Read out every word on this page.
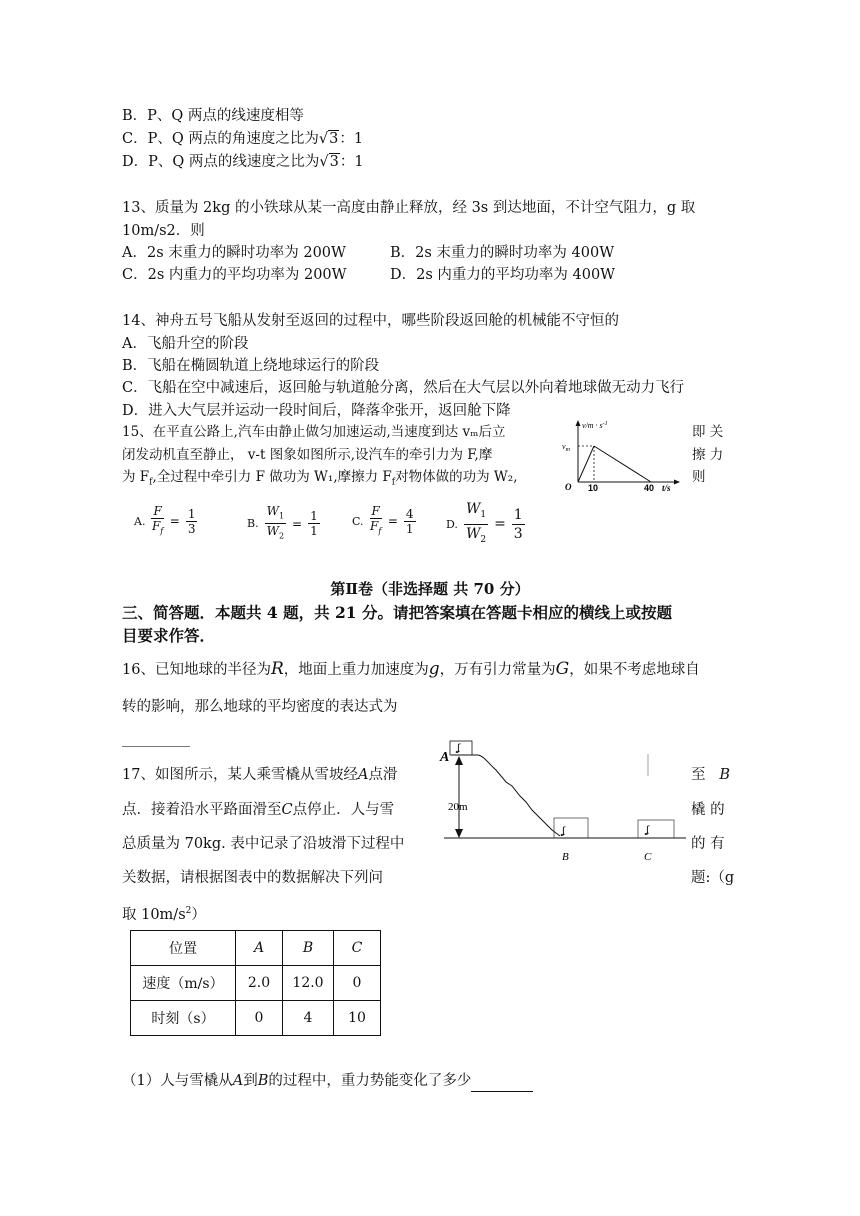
B．P、Q 两点的线速度相等
C．P、Q 两点的角速度之比为√3：1
D．P、Q 两点的线速度之比为√3：1
13、质量为 2kg 的小铁球从某一高度由静止释放，经 3s 到达地面，不计空气阻力，g 取
10m/s2．则
A．2s 末重力的瞬时功率为 200W	B．2s 末重力的瞬时功率为 400W
C．2s 内重力的平均功率为 200W	D．2s 内重力的平均功率为 400W
14、神舟五号飞船从发射至返回的过程中，哪些阶段返回舱的机械能不守恒的
A．飞船升空的阶段
B．飞船在椭圆轨道上绕地球运行的阶段
C．飞船在空中减速后，返回舱与轨道舱分离，然后在大气层以外向着地球做无动力飞行
D．进入大气层并运动一段时间后，降落伞张开，返回舱下降
15、在平直公路上,汽车由静止做匀加速运动,当速度到达 vₘ后立	即 关
闭发动机直至静止， v-t 图象如图所示,设汽车的牵引力为 F,摩	擦 力
为 $F_f$,全过程中牵引力 F 做功为 W₁,摩擦力 $F_f$对物体做的功为 W₂,	则
$v/m \cdot s^{-1}$
$v_m$
O 10	40 t/s
A. $\frac{F}{F_f} = \frac{1}{3}$	B. $\frac{W_1}{W_2} = \frac{1}{1}$	C. $\frac{F}{F_f} = \frac{4}{1}$	D. $\frac{W_1}{W_2} = \frac{1}{3}$
第Ⅱ卷（非选择题 共 70 分）
三、简答题．本题共 4 题，共 21 分。请把答案填在答题卡相应的横线上或按题
目要求作答．
16、已知地球的半径为R，地面上重力加速度为g，万有引力常量为G，如果不考虑地球自
转的影响，那么地球的平均密度的表达式为
17、如图所示，某人乘雪橇从雪坡经A点滑	至 B
点．接着沿水平路面滑至C点停止．人与雪	橇 的
总质量为 70kg. 表中记录了沿坡滑下过程中	的 有
关数据，请根据图表中的数据解决下列问	题:（g
取 $10m/s^2$）
A
ʆ
20m
ʆ	ʆ
B	C
位置	A	B	C
速度（m/s）	2.0	12.0	0
时刻（s）	0	4	10
（1）人与雪橇从A到B的过程中，重力势能变化了多少
